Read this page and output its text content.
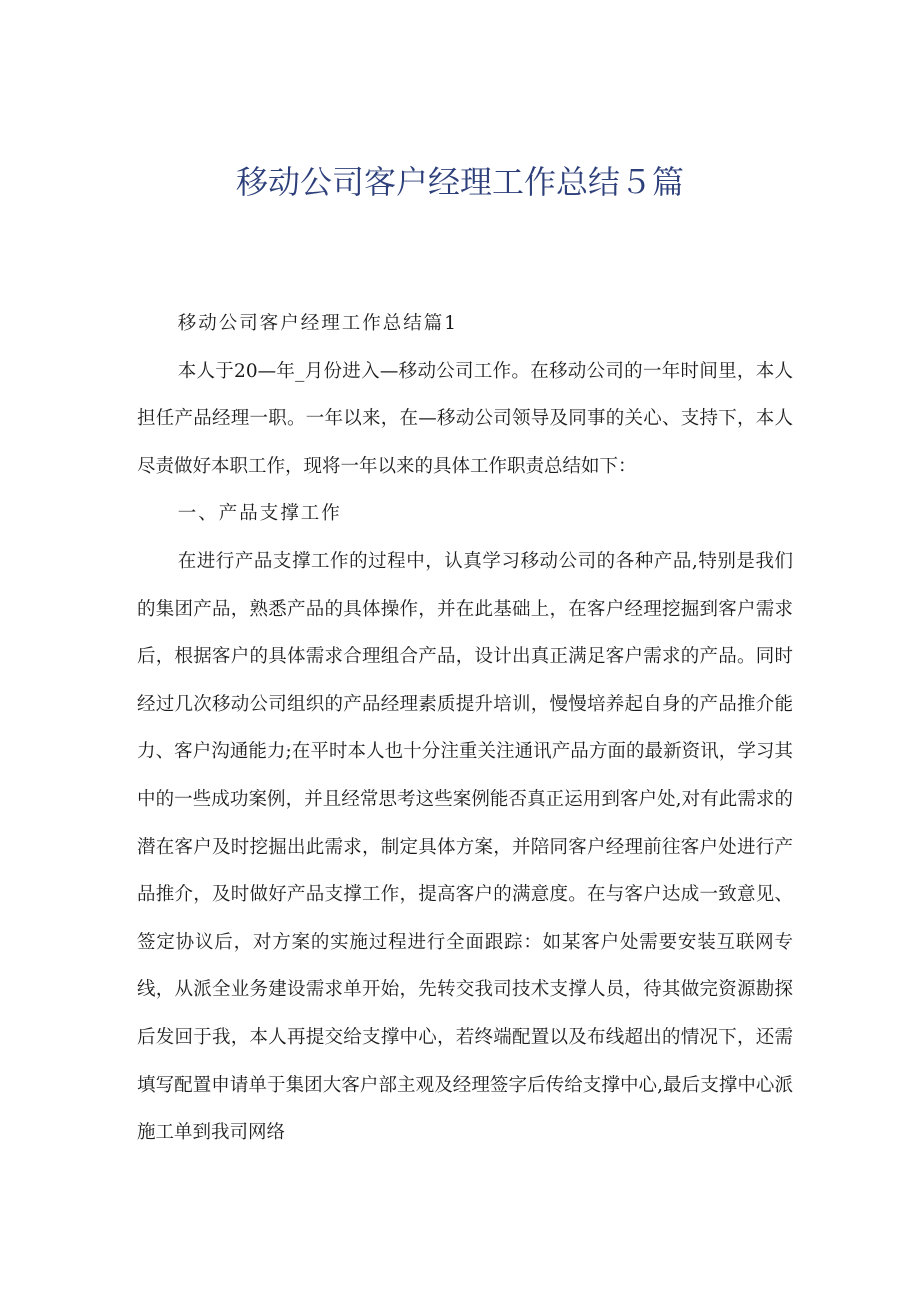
移动公司客户经理工作总结５篇

移动公司客户经理工作总结篇1

本人于20—年_月份进入—移动公司工作。在移动公司的一年时间里，本人担任产品经理一职。一年以来，在—移动公司领导及同事的关心、支持下，本人尽责做好本职工作，现将一年以来的具体工作职责总结如下：

一、产品支撑工作

在进行产品支撑工作的过程中，认真学习移动公司的各种产品,特别是我们的集团产品，熟悉产品的具体操作，并在此基础上，在客户经理挖掘到客户需求后，根据客户的具体需求合理组合产品，设计出真正满足客户需求的产品。同时经过几次移动公司组织的产品经理素质提升培训，慢慢培养起自身的产品推介能力、客户沟通能力;在平时本人也十分注重关注通讯产品方面的最新资讯，学习其中的一些成功案例，并且经常思考这些案例能否真正运用到客户处,对有此需求的潜在客户及时挖掘出此需求，制定具体方案，并陪同客户经理前往客户处进行产品推介，及时做好产品支撑工作，提高客户的满意度。在与客户达成一致意见、签定协议后，对方案的实施过程进行全面跟踪：如某客户处需要安装互联网专线，从派全业务建设需求单开始，先转交我司技术支撑人员，待其做完资源勘探后发回于我，本人再提交给支撑中心，若终端配置以及布线超出的情况下，还需填写配置申请单于集团大客户部主观及经理签字后传给支撑中心,最后支撑中心派施工单到我司网络
